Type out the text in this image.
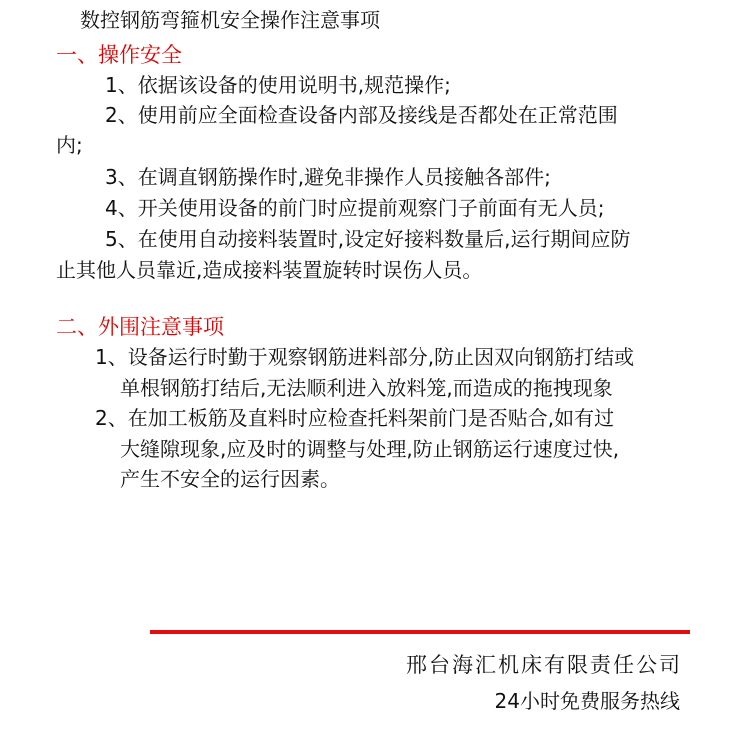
数控钢筋弯箍机安全操作注意事项
一、操作安全
1、依据该设备的使用说明书,规范操作;
2、使用前应全面检查设备内部及接线是否都处在正常范围
内;
3、在调直钢筋操作时,避免非操作人员接触各部件;
4、开关使用设备的前门时应提前观察门子前面有无人员;
5、在使用自动接料装置时,设定好接料数量后,运行期间应防
止其他人员靠近,造成接料装置旋转时误伤人员。
二、外围注意事项
1、设备运行时勤于观察钢筋进料部分,防止因双向钢筋打结或
单根钢筋打结后,无法顺利进入放料笼,而造成的拖拽现象
2、在加工板筋及直料时应检查托料架前门是否贴合,如有过
大缝隙现象,应及时的调整与处理,防止钢筋运行速度过快,
产生不安全的运行因素。
邢台海汇机床有限责任公司
24小时免费服务热线
